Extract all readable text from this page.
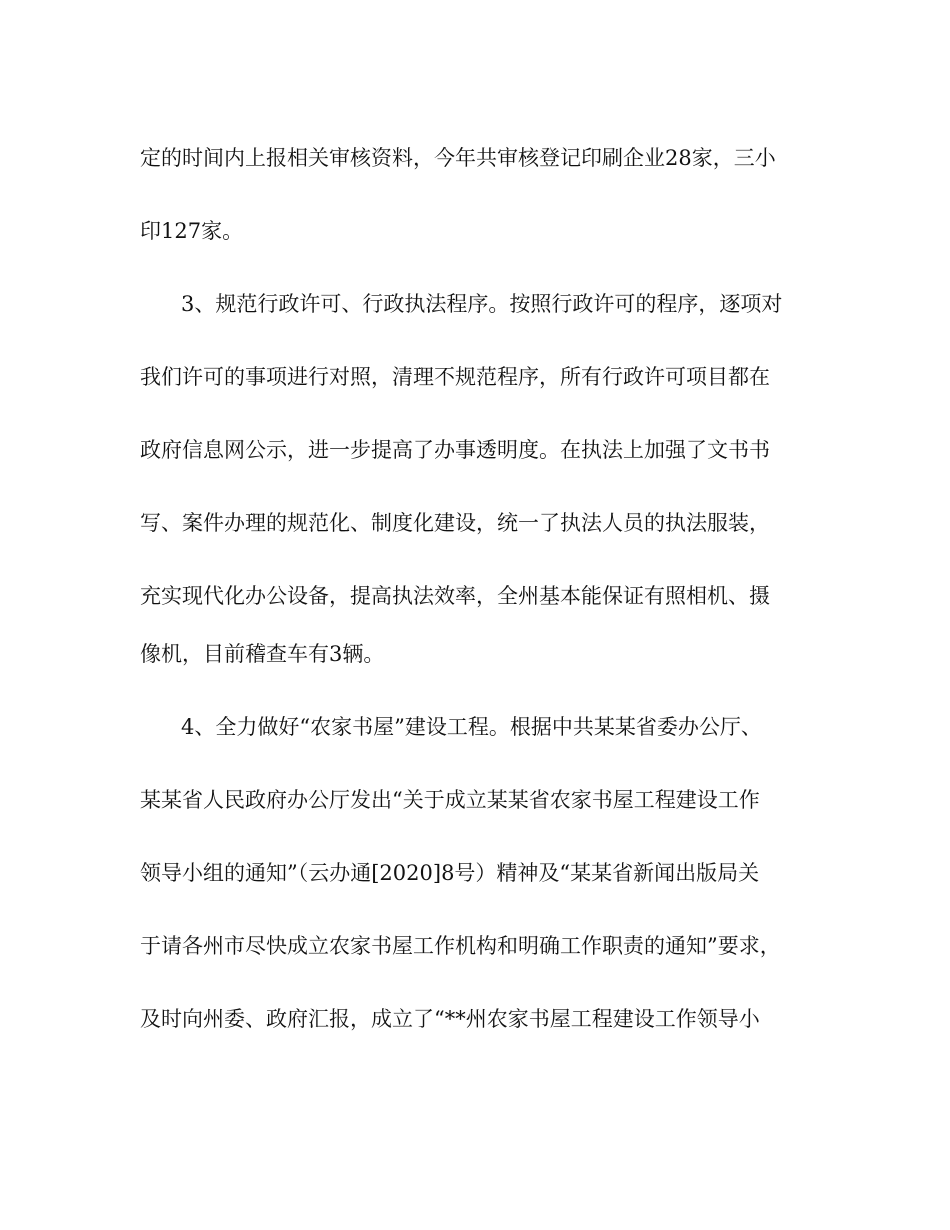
定的时间内上报相关审核资料，今年共审核登记印刷企业28家，三小

印127家。

3、规范行政许可、行政执法程序。按照行政许可的程序，逐项对

我们许可的事项进行对照，清理不规范程序，所有行政许可项目都在

政府信息网公示，进一步提高了办事透明度。在执法上加强了文书书

写、案件办理的规范化、制度化建设，统一了执法人员的执法服装，

充实现代化办公设备，提高执法效率，全州基本能保证有照相机、摄

像机，目前稽查车有3辆。

4、全力做好“农家书屋”建设工程。根据中共某某省委办公厅、

某某省人民政府办公厅发出“关于成立某某省农家书屋工程建设工作

领导小组的通知”（云办通[2020]8号）精神及“某某省新闻出版局关

于请各州市尽快成立农家书屋工作机构和明确工作职责的通知”要求，

及时向州委、政府汇报，成立了“**州农家书屋工程建设工作领导小
